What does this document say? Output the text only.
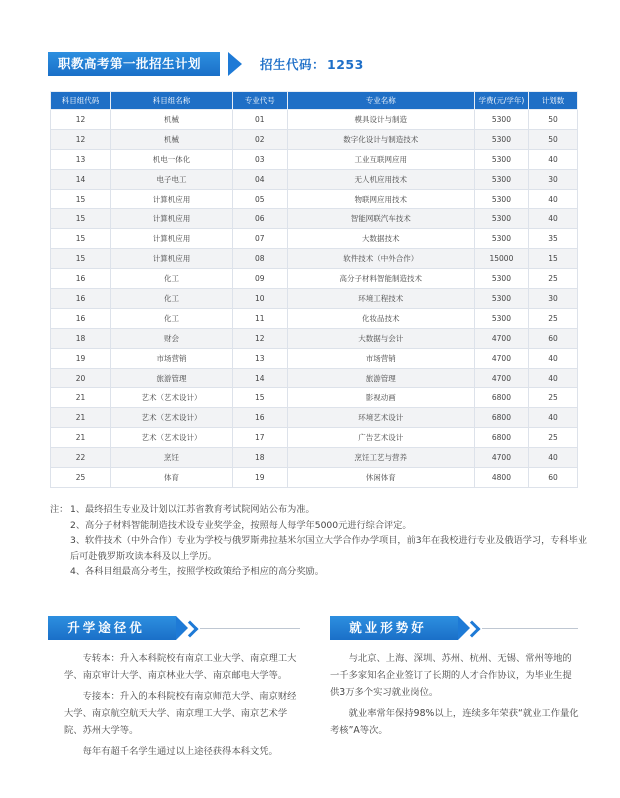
职教高考第一批招生计划	招生代码： 1253
科目组代码	科目组名称	专业代号	专业名称	学费(元/学年)	计划数
12	机械	01	模具设计与制造	5300	50
12	机械	02	数字化设计与制造技术	5300	50
13	机电一体化	03	工业互联网应用	5300	40
14	电子电工	04	无人机应用技术	5300	30
15	计算机应用	05	物联网应用技术	5300	40
15	计算机应用	06	智能网联汽车技术	5300	40
15	计算机应用	07	大数据技术	5300	35
15	计算机应用	08	软件技术（中外合作）	15000	15
16	化工	09	高分子材料智能制造技术	5300	25
16	化工	10	环境工程技术	5300	30
16	化工	11	化妆品技术	5300	25
18	财会	12	大数据与会计	4700	60
19	市场营销	13	市场营销	4700	40
20	旅游管理	14	旅游管理	4700	40
21	艺术（艺术设计）	15	影视动画	6800	25
21	艺术（艺术设计）	16	环境艺术设计	6800	40
21	艺术（艺术设计）	17	广告艺术设计	6800	25
22	烹饪	18	烹饪工艺与营养	4700	40
25	体育	19	休闲体育	4800	60
注： 1、最终招生专业及计划以江苏省教育考试院网站公布为准。
2、高分子材料智能制造技术设专业奖学金，按照每人每学年5000元进行综合评定。
3、软件技术（中外合作）专业为学校与俄罗斯弗拉基米尔国立大学合作办学项目，前3年在我校进行专业及俄语学习，专科毕业后可赴俄罗斯攻读本科及以上学历。
4、各科目组最高分考生，按照学校政策给予相应的高分奖励。
升学途径优

专转本：升入本科院校有南京工业大学、南京理工大学、南京审计大学、南京林业大学、南京邮电大学等。

专接本：升入的本科院校有南京师范大学、南京财经大学、南京航空航天大学、南京理工大学、南京艺术学院、苏州大学等。

每年有超千名学生通过以上途径获得本科文凭。

就业形势好

与北京、上海、深圳、苏州、杭州、无锡、常州等地的一千多家知名企业签订了长期的人才合作协议，为毕业生提供3万多个实习就业岗位。

就业率常年保持98%以上，连续多年荣获“就业工作量化考核”A等次。
